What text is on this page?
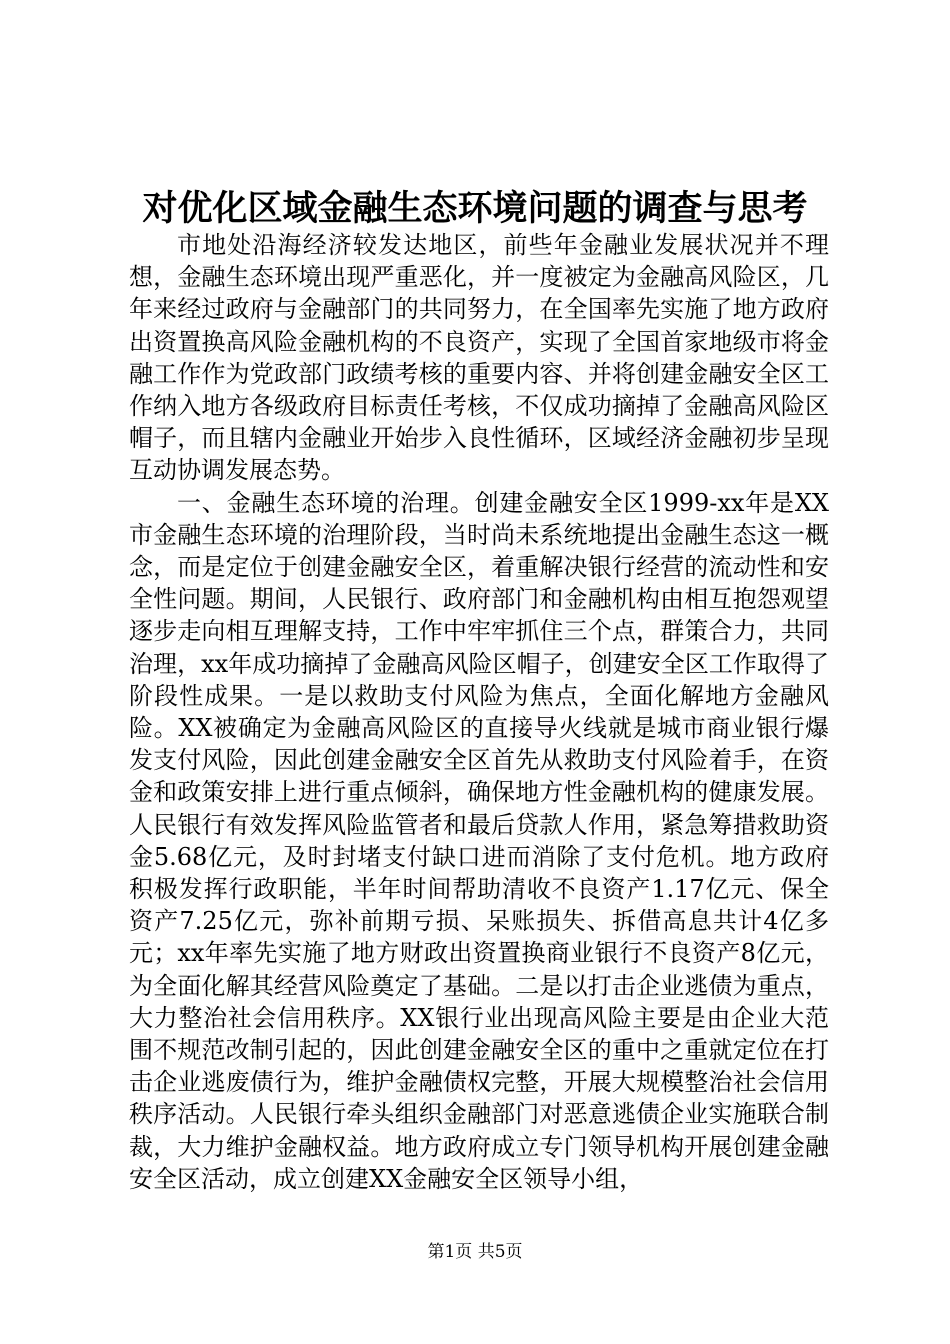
对优化区域金融生态环境问题的调查与思考

市地处沿海经济较发达地区，前些年金融业发展状况并不理想，金融生态环境出现严重恶化，并一度被定为金融高风险区，几年来经过政府与金融部门的共同努力，在全国率先实施了地方政府出资置换高风险金融机构的不良资产，实现了全国首家地级市将金融工作作为党政部门政绩考核的重要内容、并将创建金融安全区工作纳入地方各级政府目标责任考核，不仅成功摘掉了金融高风险区帽子，而且辖内金融业开始步入良性循环，区域经济金融初步呈现互动协调发展态势。

一、金融生态环境的治理。创建金融安全区1999-xx年是XX市金融生态环境的治理阶段，当时尚未系统地提出金融生态这一概念，而是定位于创建金融安全区，着重解决银行经营的流动性和安全性问题。期间，人民银行、政府部门和金融机构由相互抱怨观望逐步走向相互理解支持，工作中牢牢抓住三个点，群策合力，共同治理，xx年成功摘掉了金融高风险区帽子，创建安全区工作取得了阶段性成果。一是以救助支付风险为焦点，全面化解地方金融风险。XX被确定为金融高风险区的直接导火线就是城市商业银行爆发支付风险，因此创建金融安全区首先从救助支付风险着手，在资金和政策安排上进行重点倾斜，确保地方性金融机构的健康发展。人民银行有效发挥风险监管者和最后贷款人作用，紧急筹措救助资金5.68亿元，及时封堵支付缺口进而消除了支付危机。地方政府积极发挥行政职能，半年时间帮助清收不良资产1.17亿元、保全资产7.25亿元，弥补前期亏损、呆账损失、拆借高息共计4亿多元；xx年率先实施了地方财政出资置换商业银行不良资产8亿元，为全面化解其经营风险奠定了基础。二是以打击企业逃债为重点，大力整治社会信用秩序。XX银行业出现高风险主要是由企业大范围不规范改制引起的，因此创建金融安全区的重中之重就定位在打击企业逃废债行为，维护金融债权完整，开展大规模整治社会信用秩序活动。人民银行牵头组织金融部门对恶意逃债企业实施联合制裁，大力维护金融权益。地方政府成立专门领导机构开展创建金融安全区活动，成立创建XX金融安全区领导小组，

第1页 共5页
